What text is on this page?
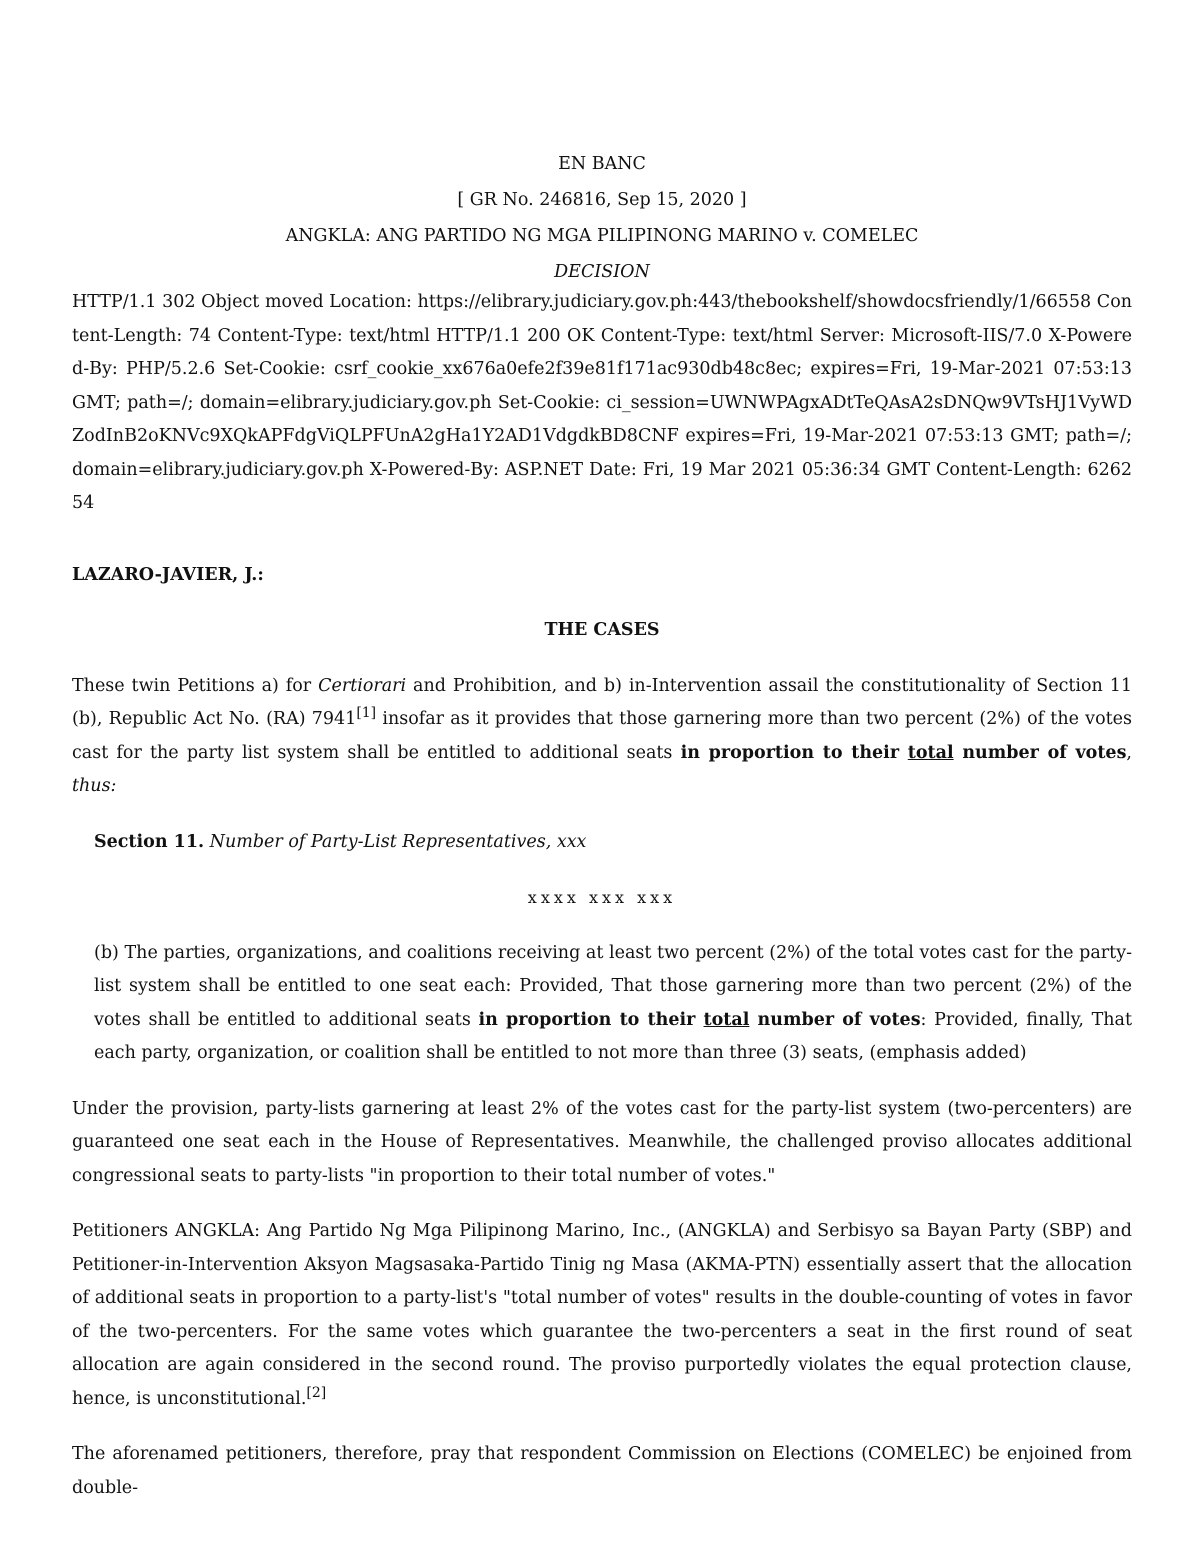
EN BANC
[ GR No. 246816, Sep 15, 2020 ]
ANGKLA: ANG PARTIDO NG MGA PILIPINONG MARINO v. COMELEC
DECISION
HTTP/1.1 302 Object moved Location: https://elibrary.judiciary.gov.ph:443/thebookshelf/showdocsfriendly/1/66558 Content-Length: 74 Content-Type: text/html HTTP/1.1 200 OK Content-Type: text/html Server: Microsoft-IIS/7.0 X-Powered-By: PHP/5.2.6 Set-Cookie: csrf_cookie_xx676a0efe2f39e81f171ac930db48c8ec; expires=Fri, 19-Mar-2021 07:53:13 GMT; path=/; domain=elibrary.judiciary.gov.ph Set-Cookie: ci_session=UWNWPAgxADtTeQAsA2sDNQw9VTsHJ1VyWDZodInB2oKNVc9XQkAPFdgViQLPFUnA2gHa1Y2AD1VdgdkBD8CNF expires=Fri, 19-Mar-2021 07:53:13 GMT; path=/; domain=elibrary.judiciary.gov.ph X-Powered-By: ASP.NET Date: Fri, 19 Mar 2021 05:36:34 GMT Content-Length: 626254
LAZARO-JAVIER, J.:
THE CASES

These twin Petitions a) for Certiorari and Prohibition, and b) in-Intervention assail the constitutionality of Section 11 (b), Republic Act No. (RA) 7941[1] insofar as it provides that those garnering more than two percent (2%) of the votes cast for the party list system shall be entitled to additional seats in proportion to their total number of votes, thus:

Section 11. Number of Party-List Representatives, xxx
xxxx xxx xxx

(b) The parties, organizations, and coalitions receiving at least two percent (2%) of the total votes cast for the party-list system shall be entitled to one seat each: Provided, That those garnering more than two percent (2%) of the votes shall be entitled to additional seats in proportion to their total number of votes: Provided, finally, That each party, organization, or coalition shall be entitled to not more than three (3) seats, (emphasis added)

Under the provision, party-lists garnering at least 2% of the votes cast for the party-list system (two-percenters) are guaranteed one seat each in the House of Representatives. Meanwhile, the challenged proviso allocates additional congressional seats to party-lists "in proportion to their total number of votes."

Petitioners ANGKLA: Ang Partido Ng Mga Pilipinong Marino, Inc., (ANGKLA) and Serbisyo sa Bayan Party (SBP) and Petitioner-in-Intervention Aksyon Magsasaka-Partido Tinig ng Masa (AKMA-PTN) essentially assert that the allocation of additional seats in proportion to a party-list's "total number of votes" results in the double-counting of votes in favor of the two-percenters. For the same votes which guarantee the two-percenters a seat in the first round of seat allocation are again considered in the second round. The proviso purportedly violates the equal protection clause, hence, is unconstitutional.[2]

The aforenamed petitioners, therefore, pray that respondent Commission on Elections (COMELEC) be enjoined from double-
